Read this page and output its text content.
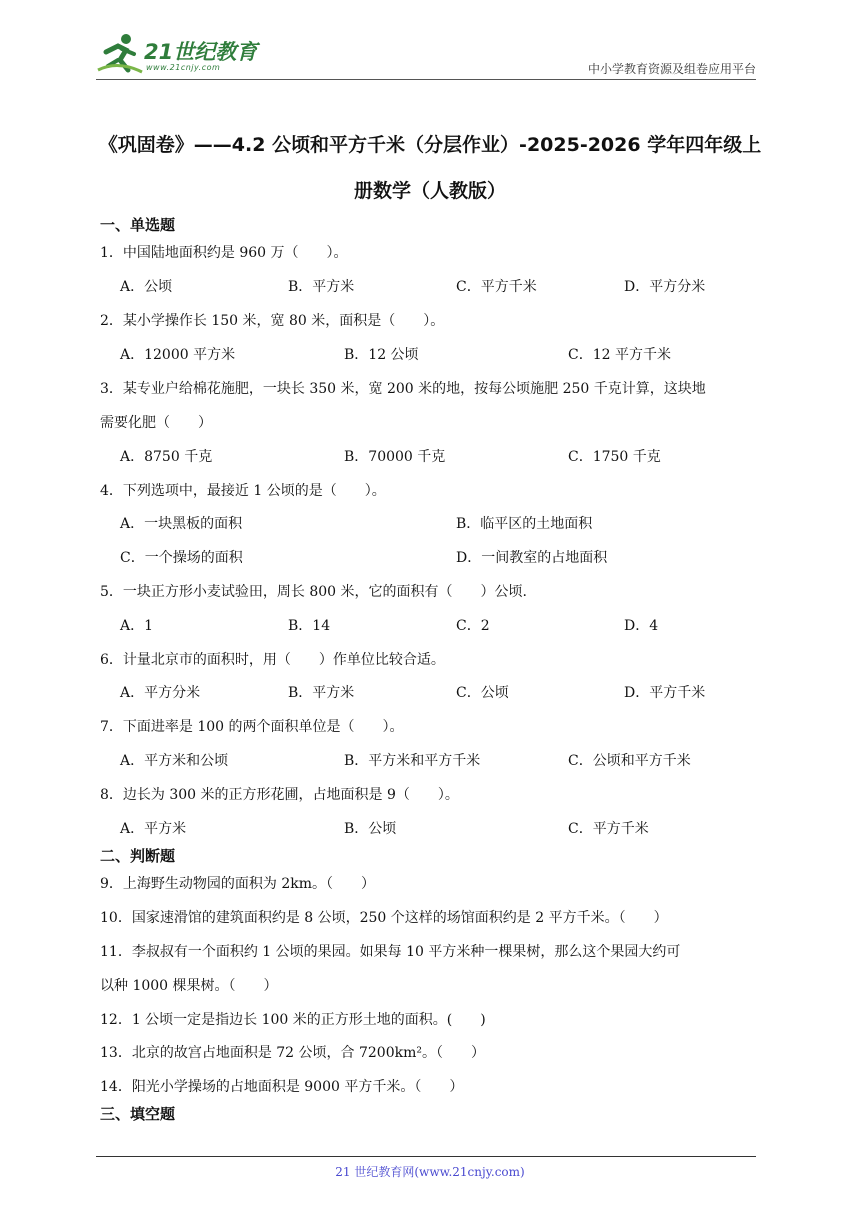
21世纪教育
www.21cnjy.com	中小学教育资源及组卷应用平台
《巩固卷》——4.2 公顷和平方千米（分层作业）-2025-2026 学年四年级上
册数学（人教版）
一、单选题
1．中国陆地面积约是 960 万（　　）。
A．公顷	B．平方米	C．平方千米	D．平方分米
2．某小学操作长 150 米，宽 80 米，面积是（　　）。
A．12000 平方米	B．12 公顷	C．12 平方千米
3．某专业户给棉花施肥，一块长 350 米，宽 200 米的地，按每公顷施肥 250 千克计算，这块地
需要化肥（　　）
A．8750 千克	B．70000 千克	C．1750 千克
4．下列选项中，最接近 1 公顷的是（　　）。
A．一块黑板的面积	B．临平区的土地面积
C．一个操场的面积	D．一间教室的占地面积
5．一块正方形小麦试验田，周长 800 米，它的面积有（　　）公顷.
A．1	B．14	C．2	D．4
6．计量北京市的面积时，用（　　）作单位比较合适。
A．平方分米	B．平方米	C．公顷	D．平方千米
7．下面进率是 100 的两个面积单位是（　　）。
A．平方米和公顷	B．平方米和平方千米	C．公顷和平方千米
8．边长为 300 米的正方形花圃，占地面积是 9（　　）。
A．平方米	B．公顷	C．平方千米
二、判断题
9．上海野生动物园的面积为 2km。（　　）
10．国家速滑馆的建筑面积约是 8 公顷，250 个这样的场馆面积约是 2 平方千米。（　　）
11．李叔叔有一个面积约 1 公顷的果园。如果每 10 平方米种一棵果树，那么这个果园大约可
以种 1000 棵果树。（　　）
12．1 公顷一定是指边长 100 米的正方形土地的面积。(　　)
13．北京的故宫占地面积是 72 公顷，合 7200km²。（　　）
14．阳光小学操场的占地面积是 9000 平方千米。（　　）
三、填空题
21 世纪教育网(www.21cnjy.com)
